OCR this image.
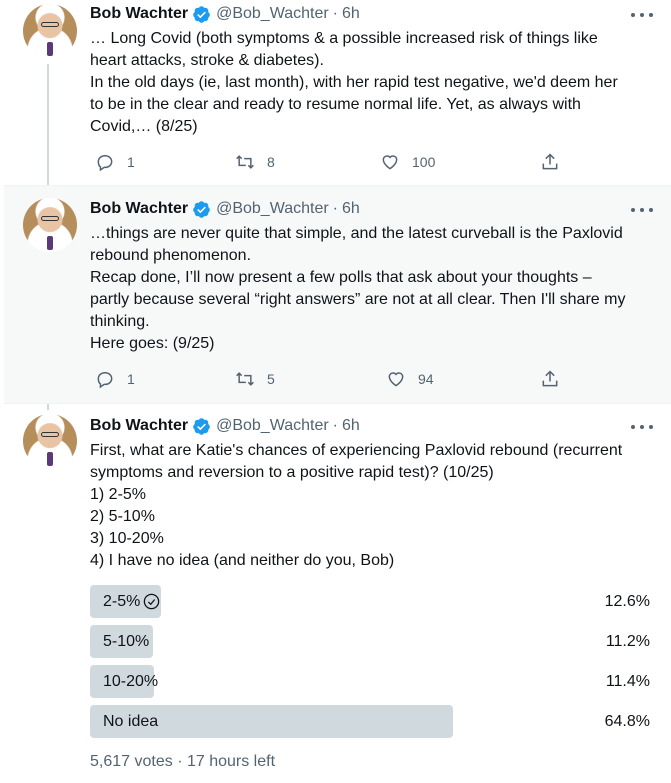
Bob Wachter @Bob_Wachter · 6h

… Long Covid (both symptoms & a possible increased risk of things like

heart attacks, stroke & diabetes).

In the old days (ie, last month), with her rapid test negative, we'd deem her

to be in the clear and ready to resume normal life. Yet, as always with

Covid,… (8/25)

1	8	100
Bob Wachter @Bob_Wachter · 6h

…things are never quite that simple, and the latest curveball is the Paxlovid

rebound phenomenon.

Recap done, I’ll now present a few polls that ask about your thoughts –

partly because several “right answers” are not at all clear. Then I'll share my

thinking.

Here goes: (9/25)

1	5	94
Bob Wachter @Bob_Wachter · 6h

First, what are Katie's chances of experiencing Paxlovid rebound (recurrent

symptoms and reversion to a positive rapid test)? (10/25)

1) 2-5%

2) 5-10%

3) 10-20%

4) I have no idea (and neither do you, Bob)

2-5%	12.6%
5-10%	11.2%
10-20%	11.4%
No idea	64.8%
5,617 votes · 17 hours left
